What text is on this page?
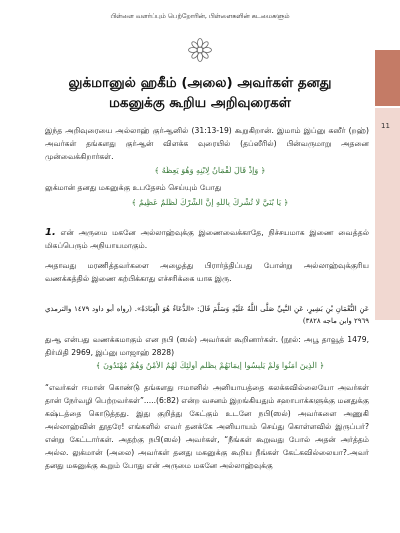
பிள்ளை வளர்ப்பும் பெற்றோரின், பிள்ளைகளின் கடமைகளும்
11
லுக்மானுல் ஹகீம் (அலை) அவர்கள் தனது
மகனுக்கு கூறிய அறிவுரைகள்
இந்த அறிவுரையை அல்லாஹ் குர்ஆனில் (31:13-19) கூறுகிறான். இமாம் இப்னு கஸீர் (றஹ்) அவர்கள் தங்களது குர்ஆன் விளக்க வுரையில் (தப்ஸீரில்) பின்வருமாறு அதனை முன்வைக்கிறார்கள்.
﴿ وَإِذْ قَالَ لُقْمَانُ لِابْنِهِ وَهُوَ يَعِظُهُ ﴾
லுக்மான் தனது மகனுக்கு உபதேசம் செய்யும் போது
﴿ يَا بُنَيَّ لَا تُشْرِكْ بِاللَّهِ إِنَّ الشِّرْكَ لَظُلْمٌ عَظِيمٌ ﴾
1. என் அருமை மகனே அல்லாஹ்வுக்கு இணைவைக்காதே, நிச்சயமாக இணை வைத்தல் மிகப்பெரும் அநியாயமாகும்.
அதாவது மரணித்தவர்களை அழைத்து பிரார்த்திப்பது போன்று அல்லாஹ்வுக்குரிய வணக்கத்தில் இணை கற்பிக்காது எச்சரிக்கை யாக இரு.
عَنِ النُّعْمَانِ بْنِ بَشِيرٍ، عَنِ النَّبِيِّ صَلَّى اللَّهُ عَلَيْهِ وَسَلَّمَ قَالَ: «الدُّعَاءُ هُوَ الْعِبَادَةُ». (رواه أبو داود ١٤٧٩ والترمذي ٢٩٦٩ وابن ماجه ٣٨٢٨)
துஆ என்பது வணக்கமாகும் என நபி (ஸல்) அவர்கள் கூறினார்கள். (நூல்: அபூ தாவூத் 1479, திர்மிதி 2969, இப்னு மாஜாஹ் 2828)
﴿ الَّذِينَ آمَنُوا وَلَمْ يَلْبِسُوا إِيمَانَهُمْ بِظُلْمٍ أُولَٰئِكَ لَهُمُ الْأَمْنُ وَهُمْ مُهْتَدُونَ ﴾
“எவர்கள் ஈமான் கொண்டு தங்களது ஈமானில் அனியாயத்தை கலக்கவில்லையோ அவர்கள் தான் நேர்வழி பெற்றவர்கள்”.....(6:82) என்ற வசனம் இறங்கியதும் சஹாபாக்களுக்கு மனதுக்கு கஷ்டத்தை கொடுத்தது. இது குறித்து கேட்கும் உடனே நபி(ஸல்) அவர்களை அணுகி அல்லாஹ்வின் தூதரே! எங்களில் எவர் தனக்கே அனியாயம் செய்து கொள்ளவில் இருப்பர்? என்று கேட்டார்கள். அதற்கு நபி(ஸல்) அவர்கள், “நீங்கள் கூறுவது போல் அதன் அர்த்தம் அல்ல. லுக்மான் (அலை) அவர்கள் தனது மகனுக்கு கூறிய நீங்கள் கேட்கவில்லையா?.அவர் தனது மகனுக்கு கூறும் போது என் அருமை மகனே அல்லாஹ்வுக்கு
